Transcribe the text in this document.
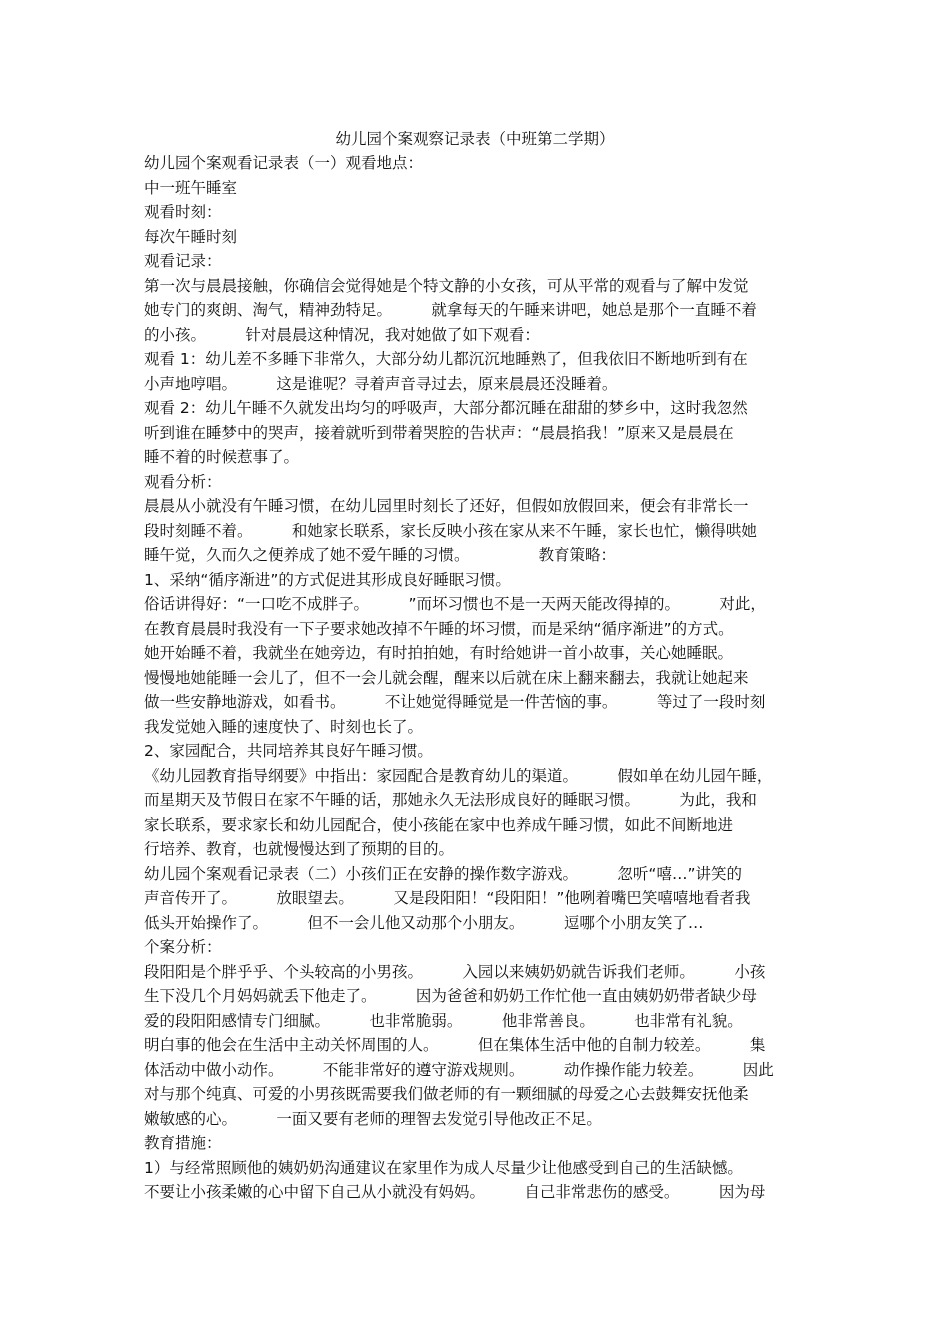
幼儿园个案观察记录表（中班第二学期）
幼儿园个案观看记录表（一）观看地点：
中一班午睡室
观看时刻：
每次午睡时刻
观看记录：
第一次与晨晨接触，你确信会觉得她是个特文静的小女孩，可从平常的观看与了解中发觉
她专门的爽朗、淘气，精神劲特足。        就拿每天的午睡来讲吧，她总是那个一直睡不着
的小孩。        针对晨晨这种情况，我对她做了如下观看：
观看 1：幼儿差不多睡下非常久，大部分幼儿都沉沉地睡熟了，但我依旧不断地听到有在
小声地哼唱。        这是谁呢？寻着声音寻过去，原来晨晨还没睡着。
观看 2：幼儿午睡不久就发出均匀的呼吸声，大部分都沉睡在甜甜的梦乡中，这时我忽然
听到谁在睡梦中的哭声，接着就听到带着哭腔的告状声：“晨晨掐我！”原来又是晨晨在
睡不着的时候惹事了。
观看分析：
晨晨从小就没有午睡习惯，在幼儿园里时刻长了还好，但假如放假回来，便会有非常长一
段时刻睡不着。        和她家长联系，家长反映小孩在家从来不午睡，家长也忙，懒得哄她
睡午觉，久而久之便养成了她不爱午睡的习惯。              教育策略：
1、采纳“循序渐进”的方式促进其形成良好睡眠习惯。
俗话讲得好：“一口吃不成胖子。        ”而坏习惯也不是一天两天能改得掉的。        对此，
在教育晨晨时我没有一下子要求她改掉不午睡的坏习惯，而是采纳“循序渐进”的方式。
她开始睡不着，我就坐在她旁边，有时拍拍她，有时给她讲一首小故事，关心她睡眠。
慢慢地她能睡一会儿了，但不一会儿就会醒，醒来以后就在床上翻来翻去，我就让她起来
做一些安静地游戏，如看书。        不让她觉得睡觉是一件苦恼的事。        等过了一段时刻
我发觉她入睡的速度快了、时刻也长了。
2、家园配合，共同培养其良好午睡习惯。
《幼儿园教育指导纲要》中指出：家园配合是教育幼儿的渠道。        假如单在幼儿园午睡，
而星期天及节假日在家不午睡的话，那她永久无法形成良好的睡眠习惯。        为此，我和
家长联系，要求家长和幼儿园配合，使小孩能在家中也养成午睡习惯，如此不间断地进
行培养、教育，也就慢慢达到了预期的目的。
幼儿园个案观看记录表（二）小孩们正在安静的操作数字游戏。        忽听“嘻…”讲笑的
声音传开了。        放眼望去。        又是段阳阳！“段阳阳！”他咧着嘴巴笑嘻嘻地看者我
低头开始操作了。        但不一会儿他又动那个小朋友。        逗哪个小朋友笑了…
个案分析：
段阳阳是个胖乎乎、个头较高的小男孩。        入园以来姨奶奶就告诉我们老师。        小孩
生下没几个月妈妈就丢下他走了。        因为爸爸和奶奶工作忙他一直由姨奶奶带者缺少母
爱的段阳阳感情专门细腻。        也非常脆弱。        他非常善良。        也非常有礼貌。
明白事的他会在生活中主动关怀周围的人。        但在集体生活中他的自制力较差。        集
体活动中做小动作。        不能非常好的遵守游戏规则。        动作操作能力较差。        因此
对与那个纯真、可爱的小男孩既需要我们做老师的有一颗细腻的母爱之心去鼓舞安抚他柔
嫩敏感的心。        一面又要有老师的理智去发觉引导他改正不足。
教育措施：
1）与经常照顾他的姨奶奶沟通建议在家里作为成人尽量少让他感受到自己的生活缺憾。
不要让小孩柔嫩的心中留下自己从小就没有妈妈。        自己非常悲伤的感受。        因为母
